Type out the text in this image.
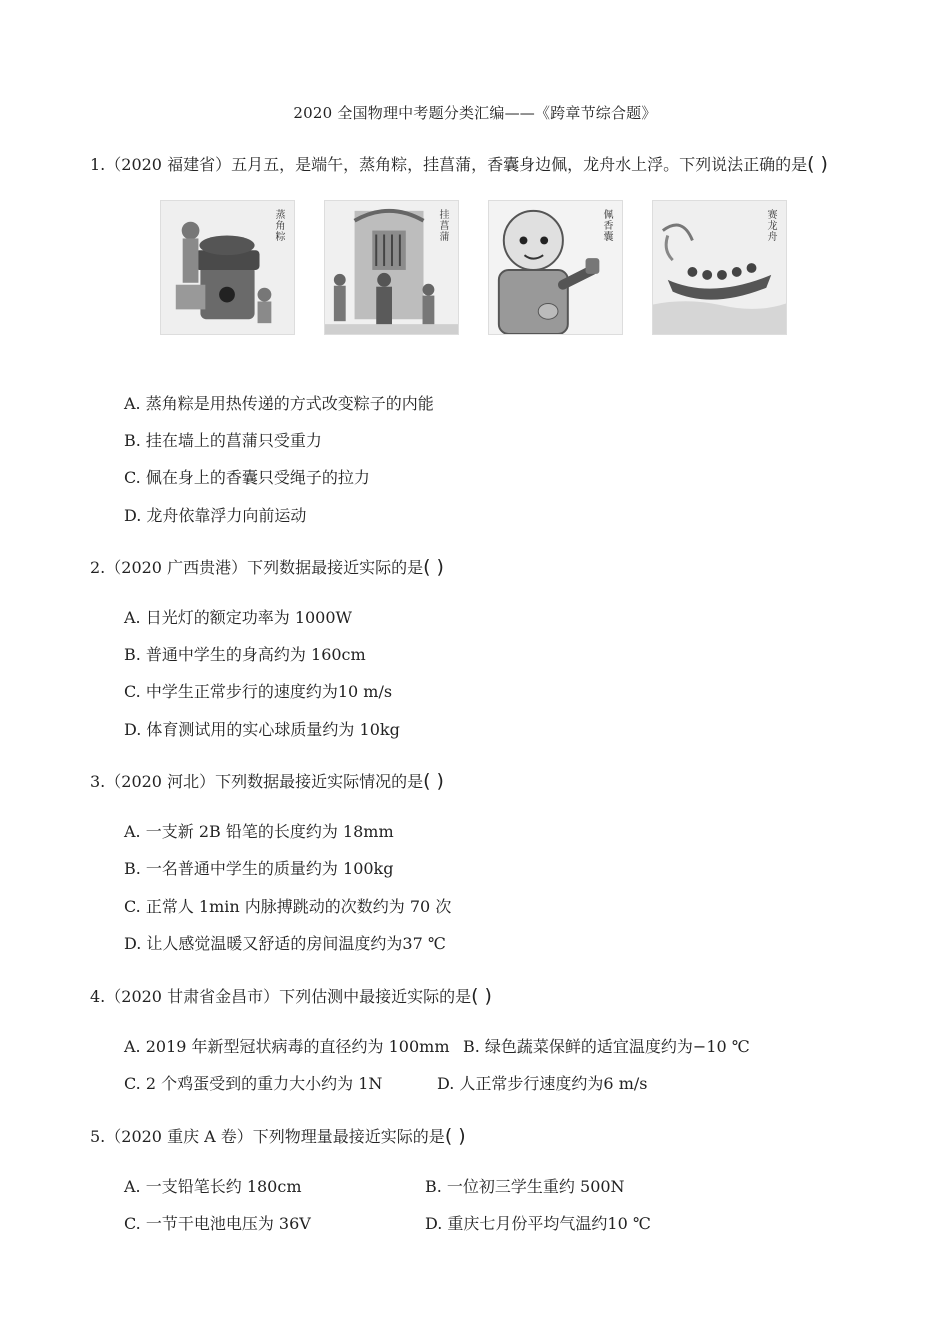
2020 全国物理中考题分类汇编——《跨章节综合题》
1.（2020 福建省）五月五，是端午，蒸角粽，挂菖蒲，香囊身边佩，龙舟水上浮。下列说法正确的是( )
蒸角粽	挂菖蒲	佩香囊	赛龙舟
A. 蒸角粽是用热传递的方式改变粽子的内能
B. 挂在墙上的菖蒲只受重力
C. 佩在身上的香囊只受绳子的拉力
D. 龙舟依靠浮力向前运动
2.（2020 广西贵港）下列数据最接近实际的是( )
A. 日光灯的额定功率为 1000W
B. 普通中学生的身高约为 160cm
C. 中学生正常步行的速度约为10 m/s
D. 体育测试用的实心球质量约为 10kg
3.（2020 河北）下列数据最接近实际情况的是( )
A. 一支新 2B 铅笔的长度约为 18mm
B. 一名普通中学生的质量约为 100kg
C. 正常人 1min 内脉搏跳动的次数约为 70 次
D. 让人感觉温暖又舒适的房间温度约为37 ℃
4.（2020 甘肃省金昌市）下列估测中最接近实际的是( )
A. 2019 年新型冠状病毒的直径约为 100mm B. 绿色蔬菜保鲜的适宜温度约为−10 ℃
C. 2 个鸡蛋受到的重力大小约为 1N	D. 人正常步行速度约为6 m/s
5.（2020 重庆 A 卷）下列物理量最接近实际的是( )
A. 一支铅笔长约 180cm	B. 一位初三学生重约 500N
C. 一节干电池电压为 36V	D. 重庆七月份平均气温约10 ℃
